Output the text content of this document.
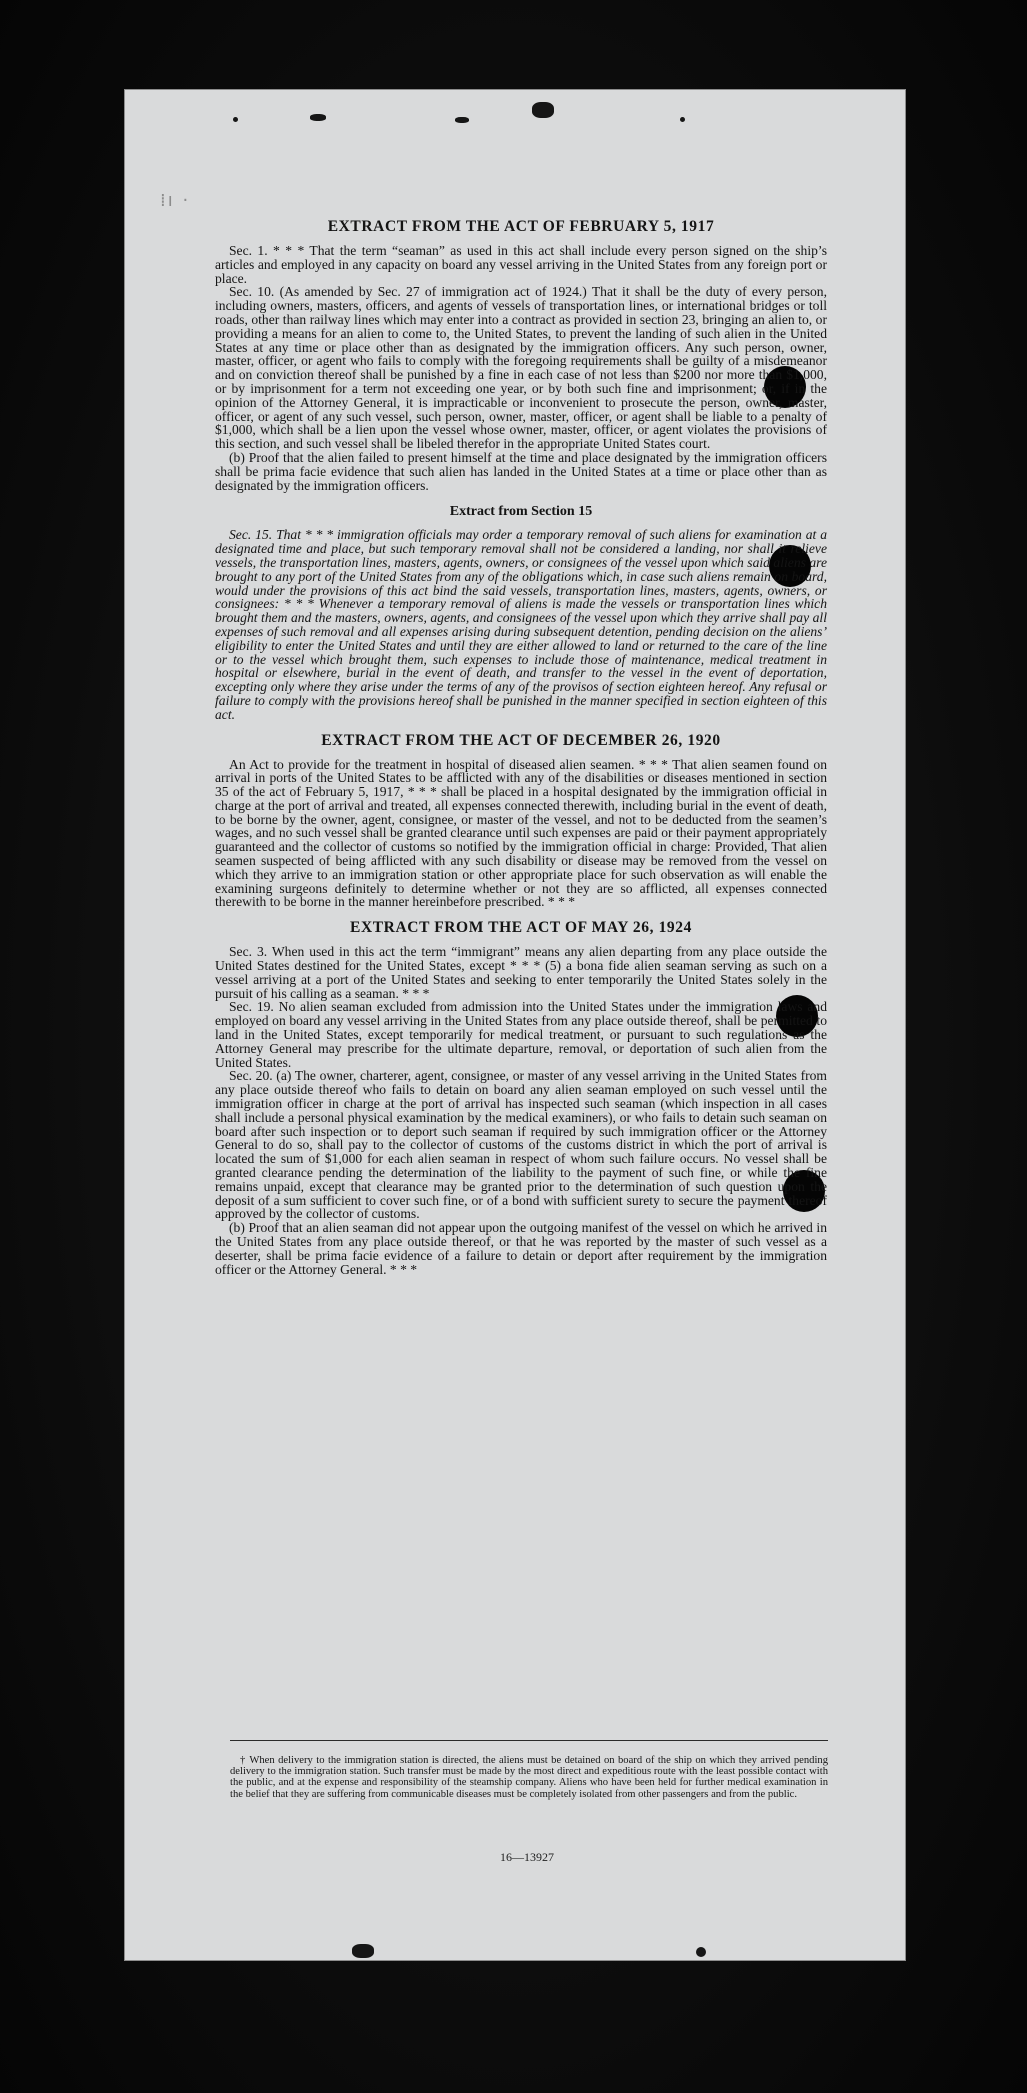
⁞ı ·
EXTRACT FROM THE ACT OF FEBRUARY 5, 1917

Sec. 1. * * * That the term “seaman” as used in this act shall include every person signed on the ship’s articles and employed in any capacity on board any vessel arriving in the United States from any foreign port or place.

Sec. 10. (As amended by Sec. 27 of immigration act of 1924.) That it shall be the duty of every person, including owners, masters, officers, and agents of vessels of transportation lines, or international bridges or toll roads, other than railway lines which may enter into a contract as provided in section 23, bringing an alien to, or providing a means for an alien to come to, the United States, to prevent the landing of such alien in the United States at any time or place other than as designated by the immigration officers. Any such person, owner, master, officer, or agent who fails to comply with the foregoing requirements shall be guilty of a misdemeanor and on conviction thereof shall be punished by a fine in each case of not less than $200 nor more than $1,000, or by imprisonment for a term not exceeding one year, or by both such fine and imprisonment; or, if in the opinion of the Attorney General, it is impracticable or inconvenient to prosecute the person, owner, master, officer, or agent of any such vessel, such person, owner, master, officer, or agent shall be liable to a penalty of $1,000, which shall be a lien upon the vessel whose owner, master, officer, or agent violates the provisions of this section, and such vessel shall be libeled therefor in the appropriate United States court.

(b) Proof that the alien failed to present himself at the time and place designated by the immigration officers shall be prima facie evidence that such alien has landed in the United States at a time or place other than as designated by the immigration officers.

Extract from Section 15

Sec. 15. That * * * immigration officials may order a temporary removal of such aliens for examination at a designated time and place, but such temporary removal shall not be considered a landing, nor shall it relieve vessels, the transportation lines, masters, agents, owners, or consignees of the vessel upon which said aliens are brought to any port of the United States from any of the obligations which, in case such aliens remain on board, would under the provisions of this act bind the said vessels, transportation lines, masters, agents, owners, or consignees: * * * Whenever a temporary removal of aliens is made the vessels or transportation lines which brought them and the masters, owners, agents, and consignees of the vessel upon which they arrive shall pay all expenses of such removal and all expenses arising during subsequent detention, pending decision on the aliens’ eligibility to enter the United States and until they are either allowed to land or returned to the care of the line or to the vessel which brought them, such expenses to include those of maintenance, medical treatment in hospital or elsewhere, burial in the event of death, and transfer to the vessel in the event of deportation, excepting only where they arise under the terms of any of the provisos of section eighteen hereof. Any refusal or failure to comply with the provisions hereof shall be punished in the manner specified in section eighteen of this act.

EXTRACT FROM THE ACT OF DECEMBER 26, 1920

An Act to provide for the treatment in hospital of diseased alien seamen. * * * That alien seamen found on arrival in ports of the United States to be afflicted with any of the disabilities or diseases mentioned in section 35 of the act of February 5, 1917, * * * shall be placed in a hospital designated by the immigration official in charge at the port of arrival and treated, all expenses connected therewith, including burial in the event of death, to be borne by the owner, agent, consignee, or master of the vessel, and not to be deducted from the seamen’s wages, and no such vessel shall be granted clearance until such expenses are paid or their payment appropriately guaranteed and the collector of customs so notified by the immigration official in charge: Provided, That alien seamen suspected of being afflicted with any such disability or disease may be removed from the vessel on which they arrive to an immigration station or other appropriate place for such observation as will enable the examining surgeons definitely to determine whether or not they are so afflicted, all expenses connected therewith to be borne in the manner hereinbefore prescribed. * * *

EXTRACT FROM THE ACT OF MAY 26, 1924

Sec. 3. When used in this act the term “immigrant” means any alien departing from any place outside the United States destined for the United States, except * * * (5) a bona fide alien seaman serving as such on a vessel arriving at a port of the United States and seeking to enter temporarily the United States solely in the pursuit of his calling as a seaman. * * *

Sec. 19. No alien seaman excluded from admission into the United States under the immigration laws and employed on board any vessel arriving in the United States from any place outside thereof, shall be permitted to land in the United States, except temporarily for medical treatment, or pursuant to such regulations as the Attorney General may prescribe for the ultimate departure, removal, or deportation of such alien from the United States.

Sec. 20. (a) The owner, charterer, agent, consignee, or master of any vessel arriving in the United States from any place outside thereof who fails to detain on board any alien seaman employed on such vessel until the immigration officer in charge at the port of arrival has inspected such seaman (which inspection in all cases shall include a personal physical examination by the medical examiners), or who fails to detain such seaman on board after such inspection or to deport such seaman if required by such immigration officer or the Attorney General to do so, shall pay to the collector of customs of the customs district in which the port of arrival is located the sum of $1,000 for each alien seaman in respect of whom such failure occurs. No vessel shall be granted clearance pending the determination of the liability to the payment of such fine, or while the fine remains unpaid, except that clearance may be granted prior to the determination of such question upon the deposit of a sum sufficient to cover such fine, or of a bond with sufficient surety to secure the payment thereof approved by the collector of customs.

(b) Proof that an alien seaman did not appear upon the outgoing manifest of the vessel on which he arrived in the United States from any place outside thereof, or that he was reported by the master of such vessel as a deserter, shall be prima facie evidence of a failure to detain or deport after requirement by the immigration officer or the Attorney General. * * *

† When delivery to the immigration station is directed, the aliens must be detained on board of the ship on which they arrived pending delivery to the immigration station. Such transfer must be made by the most direct and expeditious route with the least possible contact with the public, and at the expense and responsibility of the steamship company. Aliens who have been held for further medical examination in the belief that they are suffering from communicable diseases must be completely isolated from other passengers and from the public.

16—13927
